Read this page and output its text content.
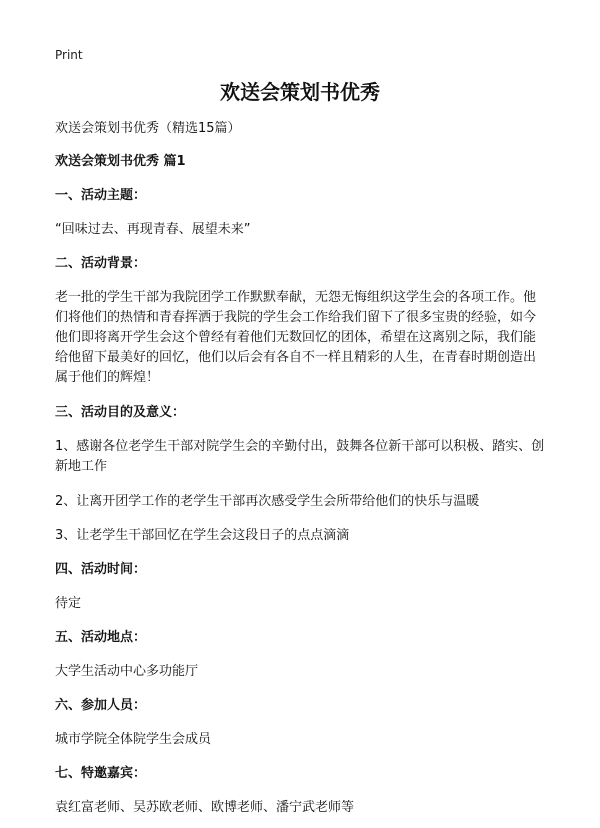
Print
欢送会策划书优秀

欢送会策划书优秀（精选15篇）

欢送会策划书优秀 篇1

一、活动主题：

“回味过去、再现青春、展望未来”

二、活动背景：

老一批的学生干部为我院团学工作默默奉献，无怨无悔组织这学生会的各项工作。他们将他们的热情和青春挥洒于我院的学生会工作给我们留下了很多宝贵的经验，如今他们即将离开学生会这个曾经有着他们无数回忆的团体，希望在这离别之际，我们能给他留下最美好的回忆，他们以后会有各自不一样且精彩的人生，在青春时期创造出属于他们的辉煌！

三、活动目的及意义：

1、感谢各位老学生干部对院学生会的辛勤付出，鼓舞各位新干部可以积极、踏实、创新地工作

2、让离开团学工作的老学生干部再次感受学生会所带给他们的快乐与温暖

3、让老学生干部回忆在学生会这段日子的点点滴滴

四、活动时间：

待定

五、活动地点：

大学生活动中心多功能厅

六、参加人员：

城市学院全体院学生会成员

七、特邀嘉宾：

袁红富老师、吴苏欧老师、欧博老师、潘宁武老师等
